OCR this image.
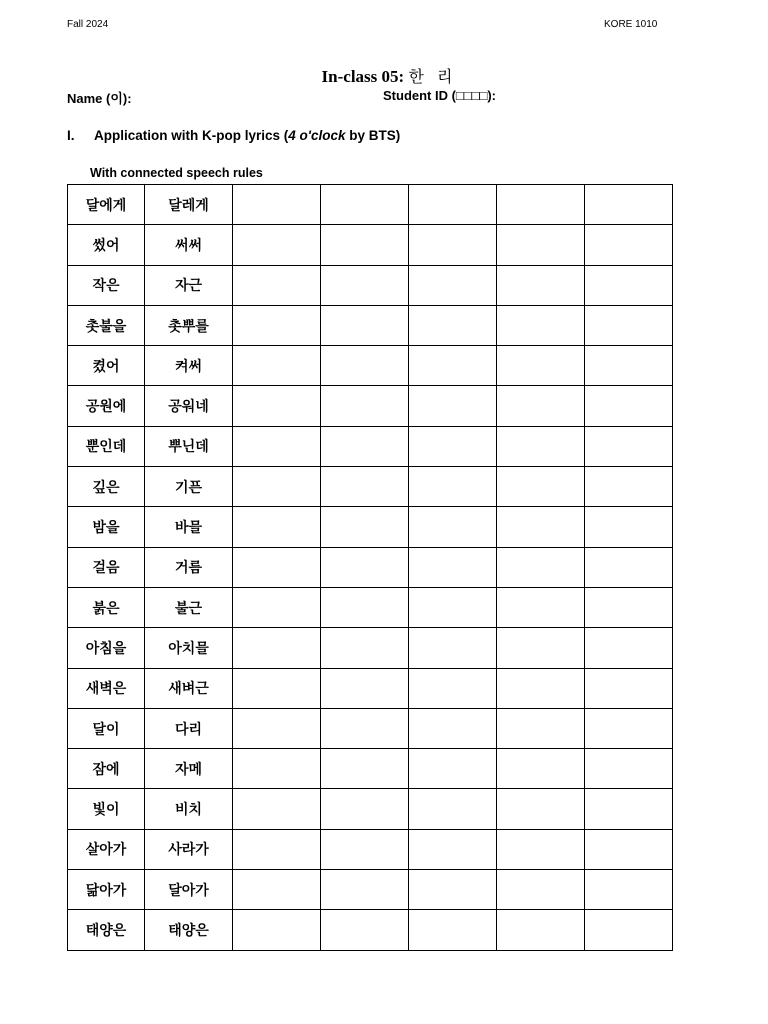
Fall 2024	KORE 1010
In-class 05: 한 리
Name (이):	Student ID (□□□□):
I. Application with K-pop lyrics (4 o'clock by BTS)
With connected speech rules
달에게	달레게					
썼어	써써					
작은	자근					
촛불을	촛뿌를					
켰어	켜써					
공원에	공워네					
뿐인데	뿌닌데					
깊은	기픈					
밤을	바믈					
걸음	거름					
붉은	불근					
아침을	아치믈					
새벽은	새벼근					
달이	다리					
잠에	자메					
빛이	비치					
살아가	사라가					
닮아가	달아가					
태양은	태양은					
